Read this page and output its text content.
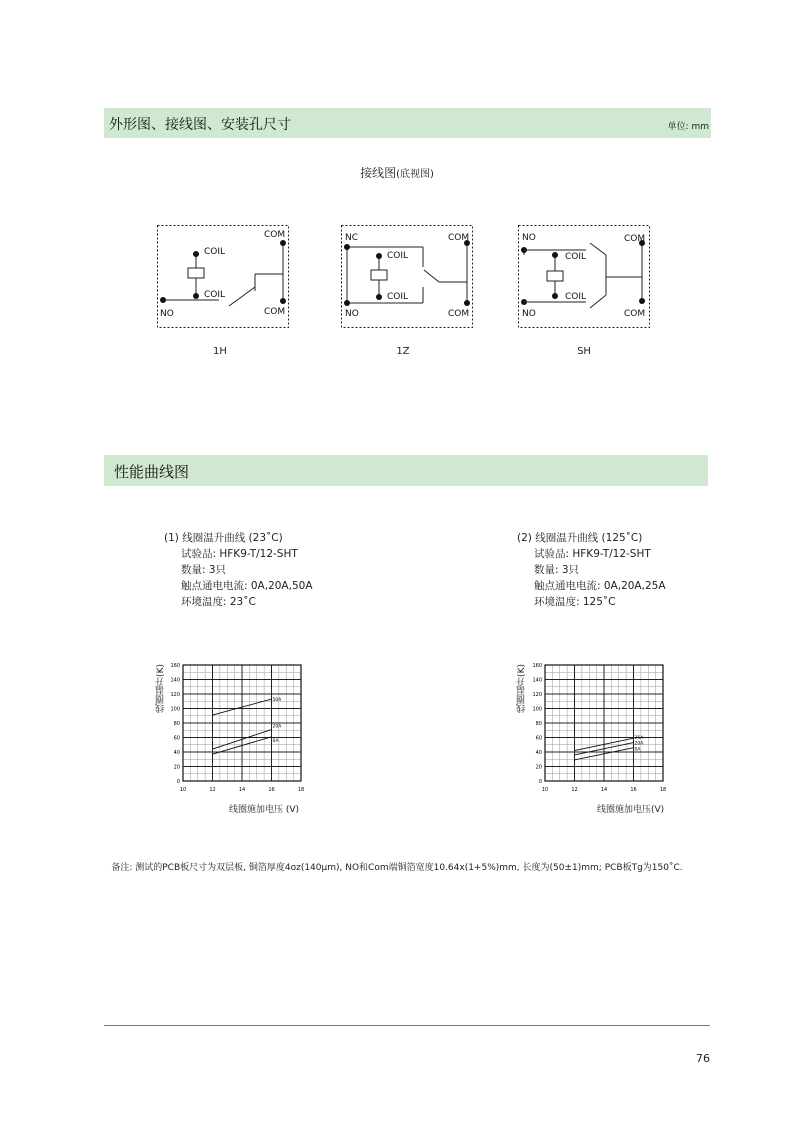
外形图、接线图、安装孔尺寸	单位: mm
接线图(底视图)
COM
COIL
COIL
NO	COM
1H
NC	COM
COIL
COIL
NO	COM
1Z
NO	COM
COIL
COIL
NO	COM
SH
性能曲线图
(1) 线圈温升曲线 (23˚C)
试验品: HFK9-T/12-SHT
数量: 3只
触点通电电流: 0A,20A,50A
环境温度: 23˚C
(2) 线圈温升曲线 (125˚C)
试验品: HFK9-T/12-SHT
数量: 3只
触点通电电流: 0A,20A,25A
环境温度: 125˚C
10	12	14	16	18
0
20
40
60
80
100
120
140
160
50A
20A
0A
线圈温升(K)
线圈施加电压 (V)
10	12	14	16	18
0
20
40
60
80
100
120
140
160
25A
20A
0A
线圈温升(K)
线圈施加电压(V)
备注: 测试的PCB板尺寸为双层板, 铜箔厚度4oz(140µm), NO和Com端铜箔宽度10.64x(1+5%)mm, 长度为(50±1)mm; PCB板Tg为150˚C.
76
